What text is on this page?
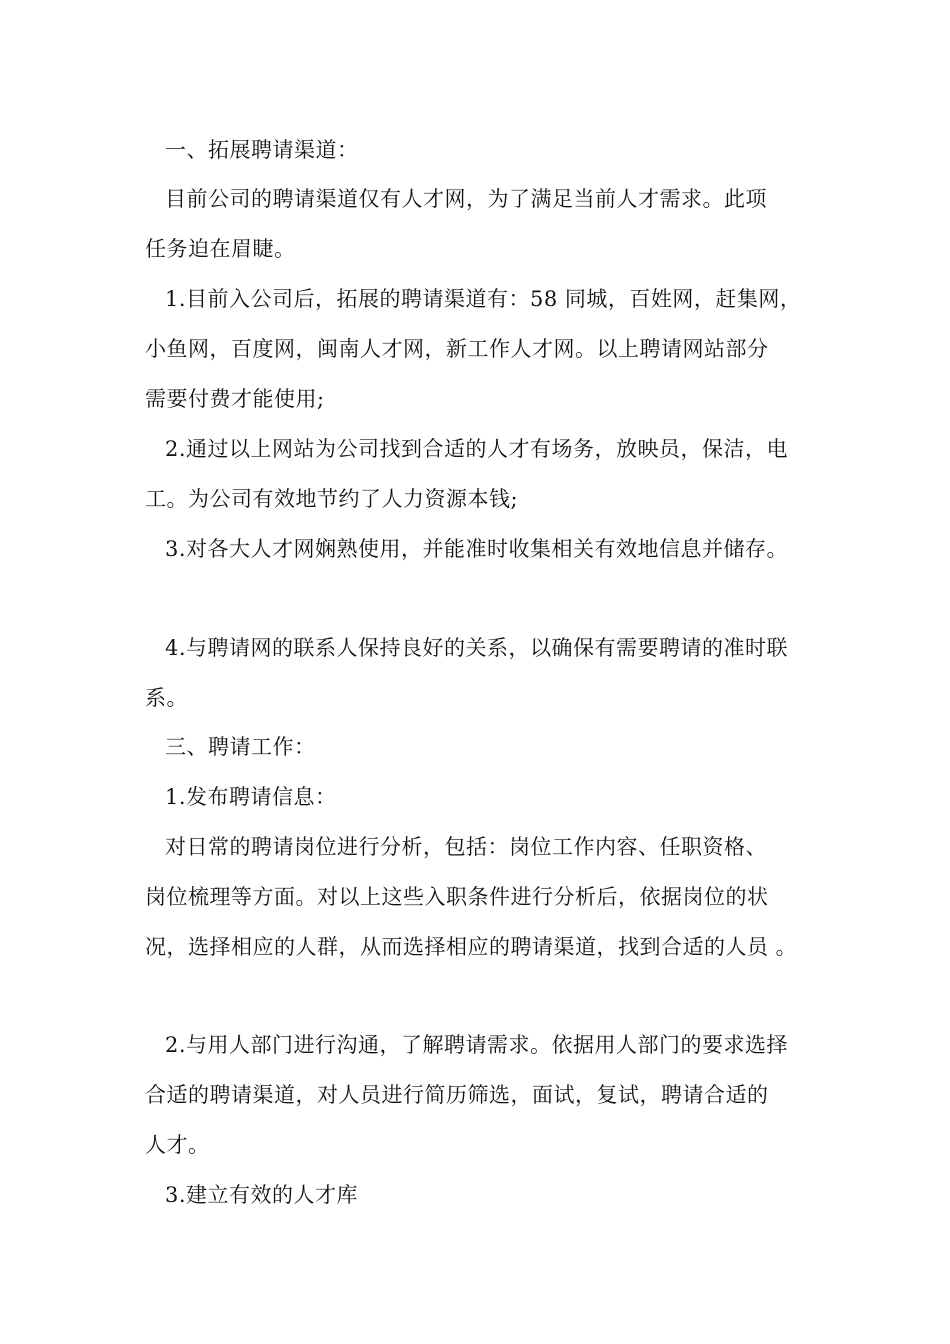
一、拓展聘请渠道：
目前公司的聘请渠道仅有人才网，为了满足当前人才需求。此项
任务迫在眉睫。
1.目前入公司后，拓展的聘请渠道有：58 同城，百姓网，赶集网，
小鱼网，百度网，闽南人才网，新工作人才网。以上聘请网站部分
需要付费才能使用;
2.通过以上网站为公司找到合适的人才有场务，放映员，保洁，电
工。为公司有效地节约了人力资源本钱;
3.对各大人才网娴熟使用，并能准时收集相关有效地信息并储存。
4.与聘请网的联系人保持良好的关系，以确保有需要聘请的准时联
系。
三、聘请工作：
1.发布聘请信息：
对日常的聘请岗位进行分析，包括：岗位工作内容、任职资格、
岗位梳理等方面。对以上这些入职条件进行分析后，依据岗位的状
况，选择相应的人群，从而选择相应的聘请渠道，找到合适的人员 。
2.与用人部门进行沟通，了解聘请需求。依据用人部门的要求选择
合适的聘请渠道，对人员进行简历筛选，面试，复试，聘请合适的
人才。
3.建立有效的人才库
